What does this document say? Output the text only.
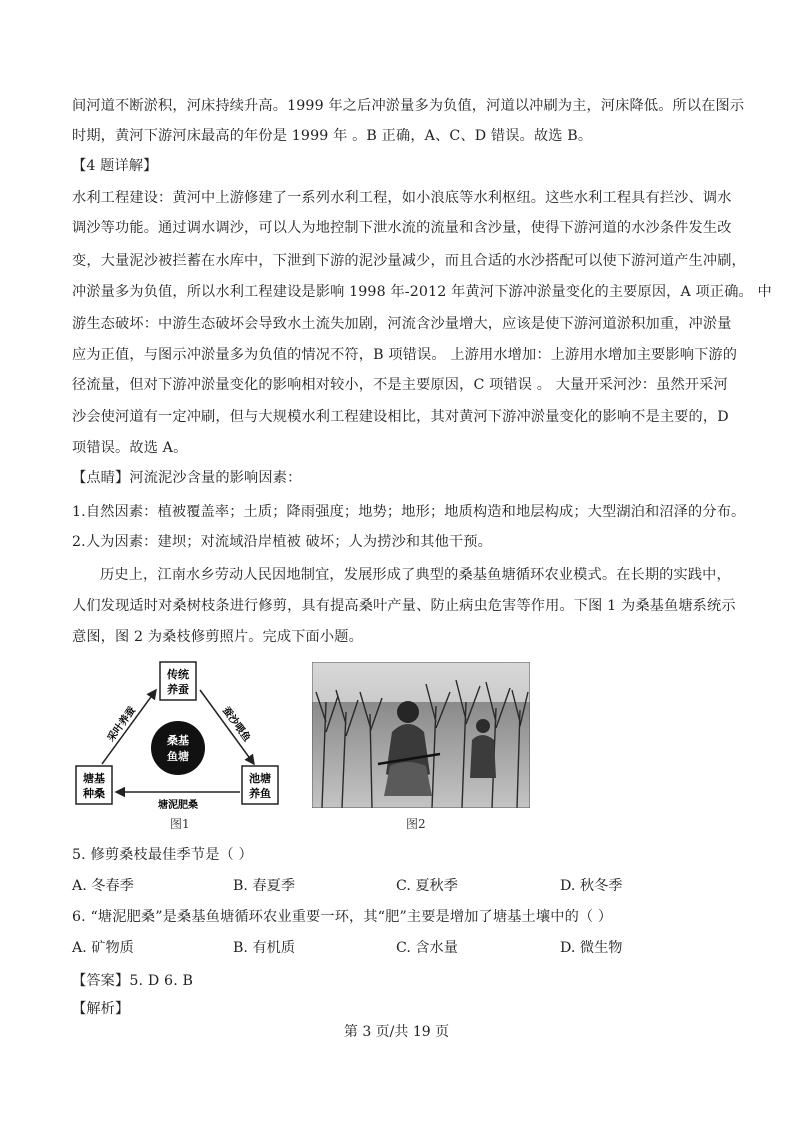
间河道不断淤积，河床持续升高。1999 年之后冲淤量多为负值，河道以冲刷为主，河床降低。所以在图示
时期，黄河下游河床最高的年份是 1999 年 。B 正确，A、C、D 错误。故选 B。
【4 题详解】
水利工程建设：黄河中上游修建了一系列水利工程，如小浪底等水利枢纽。这些水利工程具有拦沙、调水
调沙等功能。通过调水调沙，可以人为地控制下泄水流的流量和含沙量，使得下游河道的水沙条件发生改
变，大量泥沙被拦蓄在水库中，下泄到下游的泥沙量减少，而且合适的水沙搭配可以使下游河道产生冲刷，
冲淤量多为负值，所以水利工程建设是影响 1998 年-2012 年黄河下游冲淤量变化的主要原因，A 项正确。 中
游生态破坏：中游生态破坏会导致水土流失加剧，河流含沙量增大，应该是使下游河道淤积加重，冲淤量
应为正值，与图示冲淤量多为负值的情况不符，B 项错误。 上游用水增加：上游用水增加主要影响下游的
径流量，但对下游冲淤量变化的影响相对较小，不是主要原因，C 项错误 。 大量开采河沙：虽然开采河
沙会使河道有一定冲刷，但与大规模水利工程建设相比，其对黄河下游冲淤量变化的影响不是主要的，D
项错误。故选 A。
【点睛】河流泥沙含量的影响因素：
1.自然因素：植被覆盖率；土质；降雨强度；地势；地形；地质构造和地层构成；大型湖泊和沼泽的分布。
2.人为因素：建坝；对流域沿岸植被 破坏；人为捞沙和其他干预。
历史上，江南水乡劳动人民因地制宜，发展形成了典型的桑基鱼塘循环农业模式。在长期的实践中，
人们发现适时对桑树枝条进行修剪，具有提高桑叶产量、防止病虫危害等作用。下图 1 为桑基鱼塘系统示
意图，图 2 为桑枝修剪照片。完成下面小题。
传统
养蚕
塘基
种桑
池塘
养鱼
桑基
鱼塘
采叶养蚕	蚕沙喂鱼
塘泥肥桑
图1	图2
5. 修剪桑枝最佳季节是（ ）
A. 冬春季	B. 春夏季	C. 夏秋季	D. 秋冬季
6. “塘泥肥桑”是桑基鱼塘循环农业重要一环，其“肥”主要是增加了塘基土壤中的（ ）
A. 矿物质	B. 有机质	C. 含水量	D. 微生物
【答案】5. D 6. B
【解析】
第 3 页/共 19 页
